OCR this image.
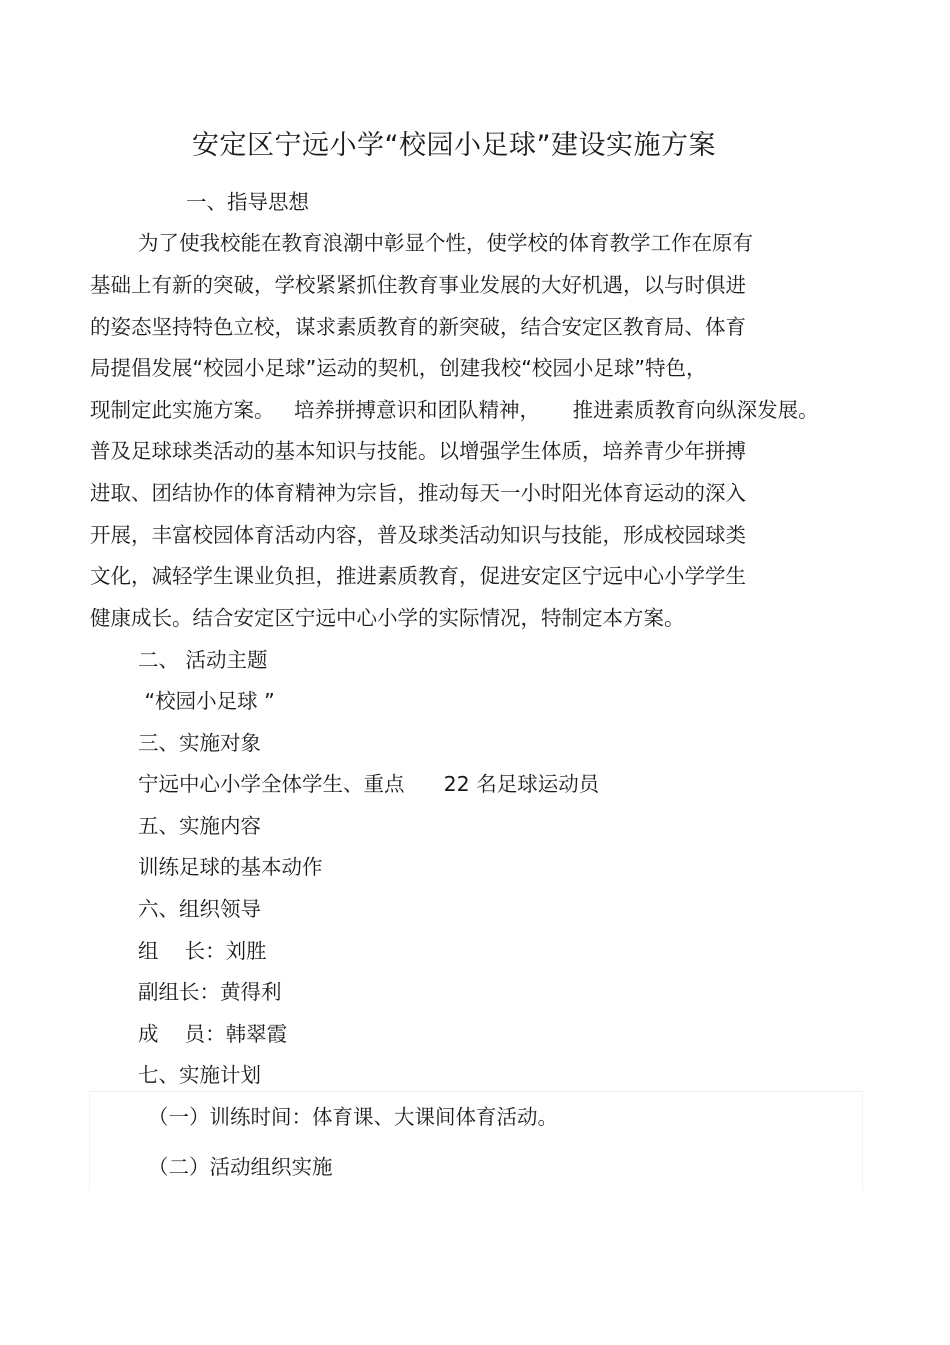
安定区宁远小学“校园小足球”建设实施方案
一、指导思想
为了使我校能在教育浪潮中彰显个性，使学校的体育教学工作在原有
基础上有新的突破，学校紧紧抓住教育事业发展的大好机遇，以与时俱进
的姿态坚持特色立校，谋求素质教育的新突破，结合安定区教育局、体育
局提倡发展“校园小足球”运动的契机，创建我校“校园小足球”特色，
现制定此实施方案。   培养拼搏意识和团队精神，     推进素质教育向纵深发展。
普及足球球类活动的基本知识与技能。以增强学生体质，培养青少年拼搏
进取、团结协作的体育精神为宗旨，推动每天一小时阳光体育运动的深入
开展，丰富校园体育活动内容，普及球类活动知识与技能，形成校园球类
文化，减轻学生课业负担，推进素质教育，促进安定区宁远中心小学学生
健康成长。结合安定区宁远中心小学的实际情况，特制定本方案。
二、 活动主题
“校园小足球 ”
三、实施对象
宁远中心小学全体学生、重点      22 名足球运动员
五、实施内容
训练足球的基本动作
六、组织领导
组    长：刘胜
副组长：黄得利
成    员：韩翠霞
七、实施计划
（一）训练时间：体育课、大课间体育活动。
（二）活动组织实施
